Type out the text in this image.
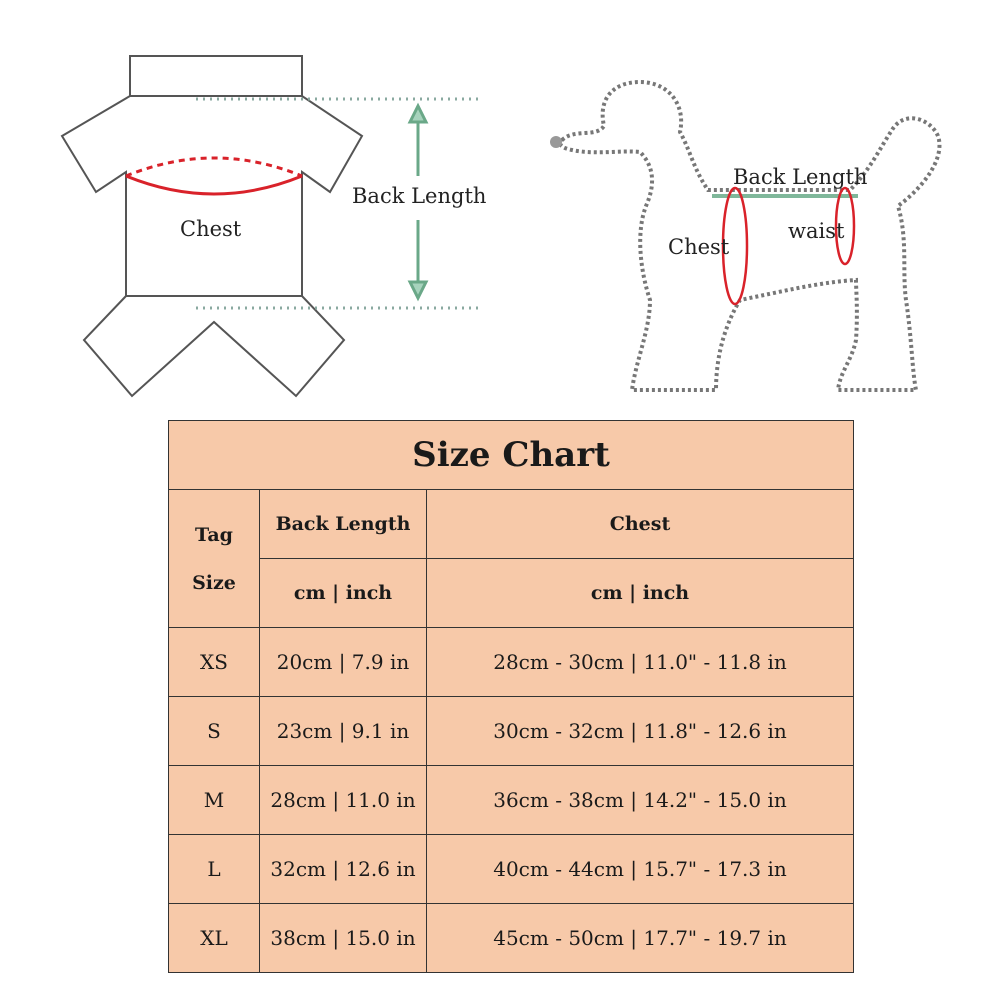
Chest
Back Length
Back Length
Chest
waist
Size Chart		

Tag
Size	Back Length	Chest
	cm | inch	cm | inch
XS	20cm | 7.9 in	28cm - 30cm | 11.0" - 11.8 in
S	23cm | 9.1 in	30cm - 32cm | 11.8" - 12.6 in
M	28cm | 11.0 in	36cm - 38cm | 14.2" - 15.0 in
L	32cm | 12.6 in	40cm - 44cm | 15.7" - 17.3 in
XL	38cm | 15.0 in	45cm - 50cm | 17.7" - 19.7 in
